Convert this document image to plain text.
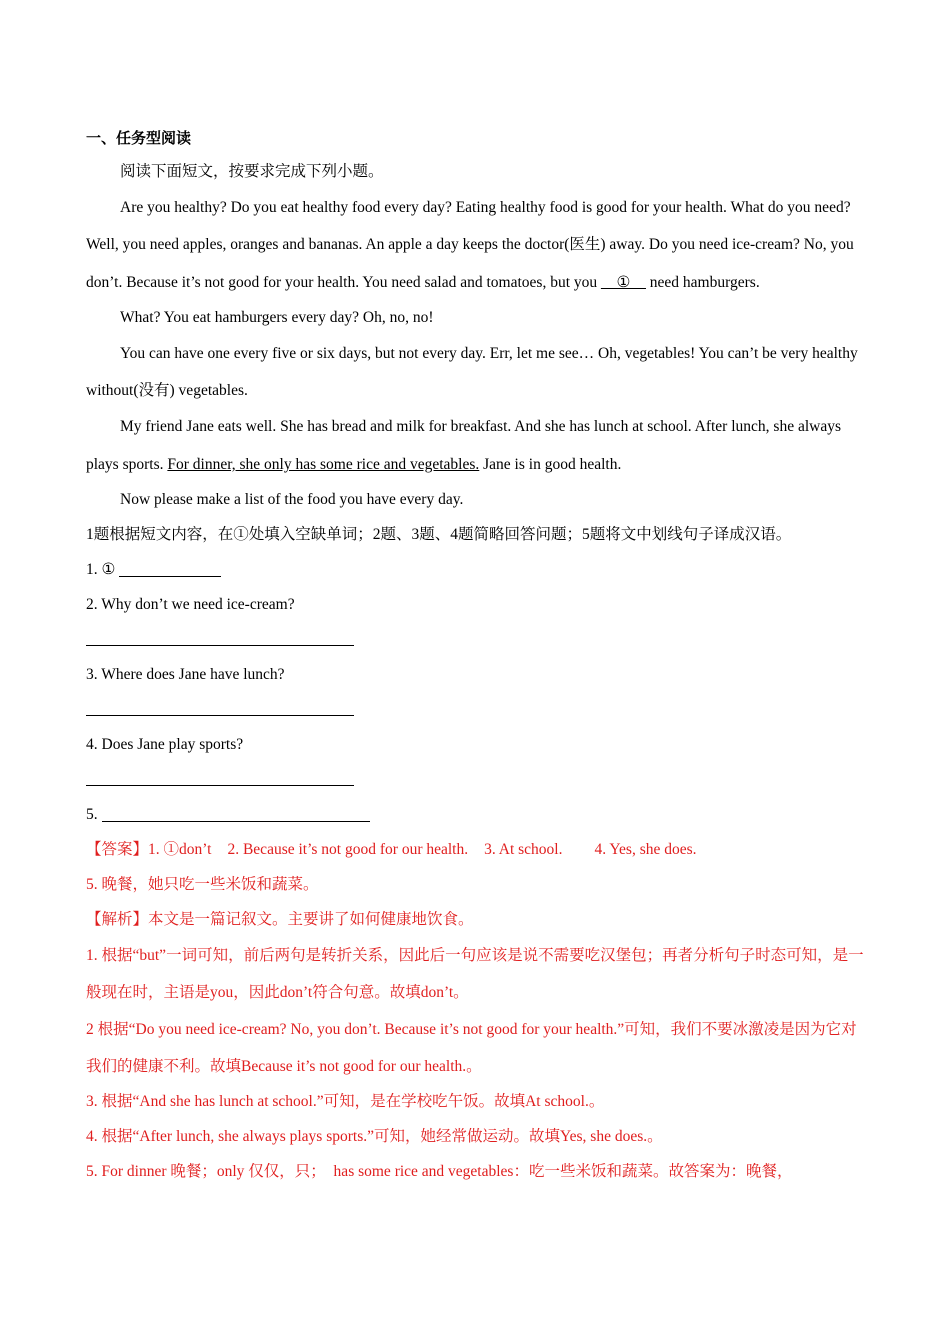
一、任务型阅读
阅读下面短文，按要求完成下列小题。
Are you healthy? Do you eat healthy food every day? Eating healthy food is good for your health. What do you need? Well, you need apples, oranges and bananas. An apple a day keeps the doctor(医生) away. Do you need ice-cream? No, you don’t. Because it’s not good for your health. You need salad and tomatoes, but you __①__ need hamburgers.
What? You eat hamburgers every day? Oh, no, no!
You can have one every five or six days, but not every day. Err, let me see… Oh, vegetables! You can’t be very healthy without(没有) vegetables.
My friend Jane eats well. She has bread and milk for breakfast. And she has lunch at school. After lunch, she always plays sports. For dinner, she only has some rice and vegetables. Jane is in good health.
Now please make a list of the food you have every day.
1题根据短文内容，在①处填入空缺单词；2题、3题、4题简略回答问题；5题将文中划线句子译成汉语。
1. ①
2. Why don’t we need ice-cream?
3. Where does Jane have lunch?
4. Does Jane play sports?
5.
【答案】1. ①don’t 2. Because it’s not good for our health. 3. At school. 4. Yes, she does.
5. 晚餐，她只吃一些米饭和蔬菜。
【解析】本文是一篇记叙文。主要讲了如何健康地饮食。
1. 根据“but”一词可知，前后两句是转折关系，因此后一句应该是说不需要吃汉堡包；再者分析句子时态可知，是一般现在时，主语是you，因此don’t符合句意。故填don’t。
2 根据“Do you need ice-cream? No, you don’t. Because it’s not good for your health.”可知，我们不要冰激凌是因为它对我们的健康不利。故填Because it’s not good for our health.。
3. 根据“And she has lunch at school.”可知，是在学校吃午饭。故填At school.。
4. 根据“After lunch, she always plays sports.”可知，她经常做运动。故填Yes, she does.。
5. For dinner 晚餐；only 仅仅，只；　has some rice and vegetables：吃一些米饭和蔬菜。故答案为：晚餐，
